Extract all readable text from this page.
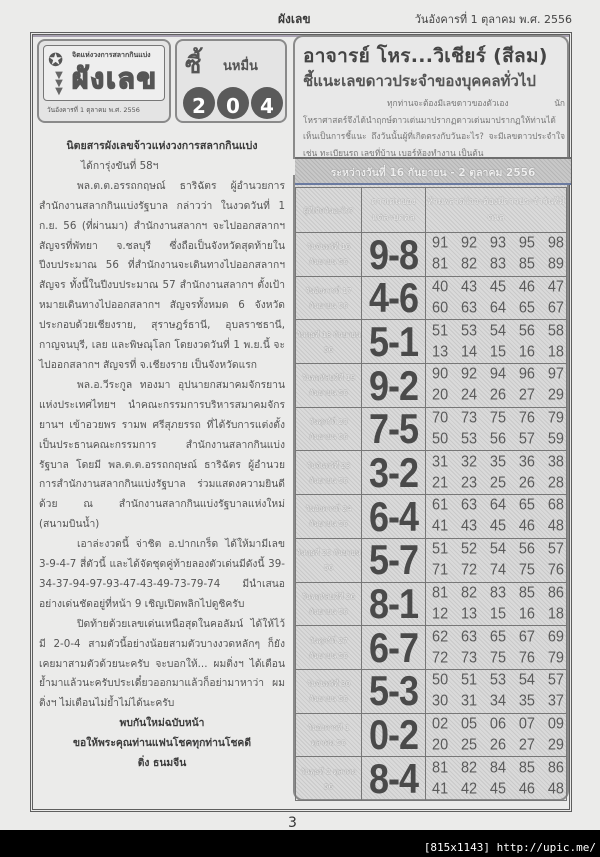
ผังเลข	วันอังคารที่ 1 ตุลาคม พ.ศ. 2556
✪
▼
▼
▼
จิตแห่งวงการสลากกินแบ่ง
ผังเลข
วันอังคารที่ 1 ตุลาคม พ.ศ. 2556
ซี้ นหมื่น
2	0	4
นิตยสารผังเลขจ้าวแห่งวงการสลากกินแบ่ง
ได้การุ่งขันที่ 58ฯ

พล.ต.ต.อรรถกฤษณ์ ธาริฉัตร ผู้อำนวยการสำนักงานสลากกินแบ่งรัฐบาล กล่าวว่า ในงวดวันที่ 1 ก.ย. 56 (ที่ผ่านมา) สำนักงานสลากฯ จะไปออกสลากฯ สัญจรที่พัทยา จ.ชลบุรี ซึ่งถือเป็นจังหวัดสุดท้ายในปีงบประมาณ 56 ที่สำนักงานจะเดินทางไปออกสลากฯ สัญจร ทั้งนี้ในปีงบประมาณ 57 สำนักงานสลากฯ ตั้งเป้าหมายเดินทางไปออกสลากฯ สัญจรทั้งหมด 6 จังหวัด ประกอบด้วยเชียงราย, สุราษฎร์ธานี, อุบลราชธานี, กาญจนบุรี, เลย และพิษณุโลก โดยงวดวันที่ 1 พ.ย.นี้ จะไปออกสลากฯ สัญจรที่ จ.เชียงราย เป็นจังหวัดแรก

พล.อ.วีระกูล ทองมา อุปนายกสมาคมจักรยานแห่งประเทศไทยฯ นำคณะกรรมการบริหารสมาคมจักรยานฯ เข้าอวยพร รามพ ศรีสุภยรรถ ที่ได้รับการแต่งตั้งเป็นประธานคณะกรรมการ สำนักงานสลากกินแบ่งรัฐบาล โดยมี พล.ต.ต.อรรถกฤษณ์ ธาริฉัตร ผู้อำนวยการสำนักงานสลากกินแบ่งรัฐบาล ร่วมแสดงความยินดีด้วย ณ สำนักงานสลากกินแบ่งรัฐบาลแห่งใหม่ (สนามบินน้ำ)

เอาล่ะงวดนี้ จ่าชิต อ.ปากเกร็ด ได้ให้มามีเลข 3-9-4-7 สี่ตัวนี้ และได้จัดชุดคู่ท้ายลองตัวเด่นมีดังนี้ 39-34-37-94-97-93-47-43-49-73-79-74 มีนำเสนออย่างเด่นชัดอยู่ที่หน้า 9 เชิญเปิดพลิกไปดูชิครับ

ปิดท้ายด้วยเลขเด่นเหนือสุดในคอลัมน์ ได้ให้ไว้มี 2-0-4 สามตัวนี้อย่างน้อยสามตัวบางงวดหลักๆ ก็ยังเคยมาสามตัวด้วยนะครับ จะบอกให้... ผมติ่งฯ ได้เตือนย้ำมาแล้วนะครับประเดี๋ยวออกมาแล้วก็อย่ามาหาว่า ผมติ่งฯ ไม่เตือนไม่ย้ำไม่ได้นะครับ

พบกันใหม่ฉบับหน้า
ขอให้พระคุณท่านแฟนโชคทุกท่านโชคดี
ติ่ง ธนมจีน
อาจารย์ โหร...วิเชียร์ (สีลม)
ชี้แนะเลขดาวประจำของบุคคลทั่วไป

ทุกท่านจะต้องมีเลขดาวของตัวเอง นักโหราศาสตร์จึงได้นำฤกษ์ดาวเด่นมาปรากฏดาวเด่นมาปรากฏให้ท่านได้เห็นเป็นการชี้แนะ ถึงวันนั้นผู้ที่เกิดตรงกับวันอะไร? จะมีเลขดาวประจำใจ เช่น ทะเบียนรถ เลขที่บ้าน เบอร์ห้องทำงาน เป็นต้น

ระหว่างวันที่ 16 กันยายน - 2 ตุลาคม 2556
ผู้ที่เกิดวันอะไร?	ดาวเด่นของแต่ละบุคคล	ห้ามพลาดใจจะต้องมีดาวประจำวันที่มีคนล
วันจันทร์ที่ 16 กันยายน 56	9-8	91 92 93 95 98
81 82 83 85 89

วันอังคารที่ 17 กันยายน 56	4-6	40 43 45 46 47
60 63 64 65 67

วันพุธที่ 18 กันยายน 56	5-1	51 53 54 56 58
13 14 15 16 18

วันพฤหัสบดีที่ 19 กันยายน 56	9-2	90 92 94 96 97
20 24 26 27 29

วันศุกร์ที่ 20 กันยายน 56	7-5	70 73 75 76 79
50 53 56 57 59

วันจันทร์ที่ 23 กันยายน 56	3-2	31 32 35 36 38
21 23 25 26 28

วันอังคารที่ 24 กันยายน 56	6-4	61 63 64 65 68
41 43 45 46 48

วันพุธที่ 25 กันยายน 56	5-7	51 52 54 56 57
71 72 74 75 76

วันพฤหัสบดีที่ 26 กันยายน 56	8-1	81 82 83 85 86
12 13 15 16 18

วันศุกร์ที่ 27 กันยายน 56	6-7	62 63 65 67 69
72 73 75 76 79

วันจันทร์ที่ 30 กันยายน 56	5-3	50 51 53 54 57
30 31 34 35 37

วันอังคารที่ 1 ตุลาคม 56	0-2	02 05 06 07 09
20 25 26 27 29

วันพุธที่ 2 ตุลาคม 56	8-4	81 82 84 85 86
41 42 45 46 48
3
[815x1143] http://upic.me/
